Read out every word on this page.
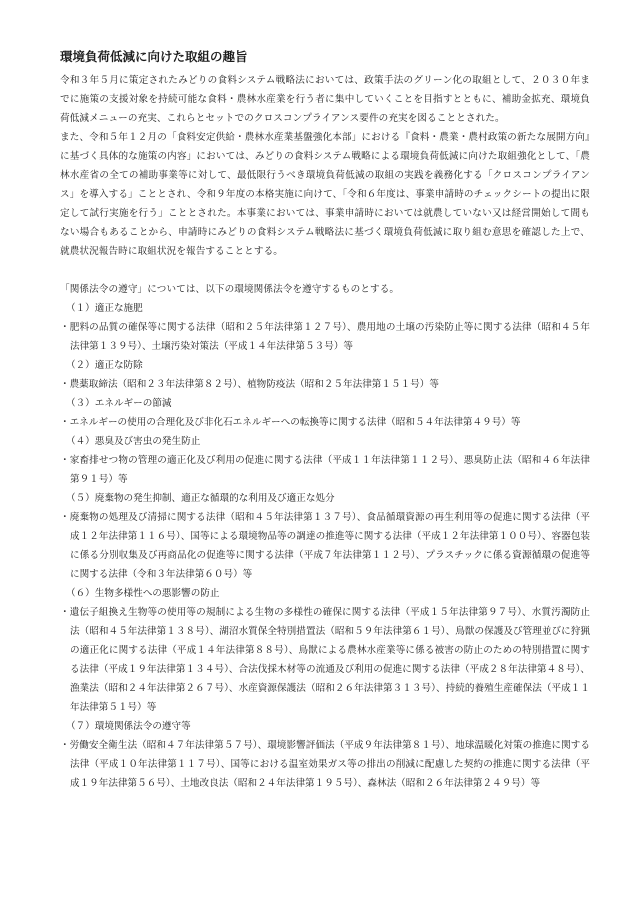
環境負荷低減に向けた取組の趣旨

令和３年５月に策定されたみどりの食料システム戦略法においては、政策手法のグリーン化の取組として、２０３０年までに施策の支援対象を持続可能な食料・農林水産業を行う者に集中していくことを目指すとともに、補助金拡充、環境負荷低減メニューの充実、これらとセットでのクロスコンプライアンス要件の充実を図ることとされた。

また、令和５年１２月の「食料安定供給・農林水産業基盤強化本部」における『食料・農業・農村政策の新たな展開方向』に基づく具体的な施策の内容」においては、みどりの食料システム戦略による環境負荷低減に向けた取組強化として、「農林水産省の全ての補助事業等に対して、最低限行うべき環境負荷低減の取組の実践を義務化する「クロスコンプライアンス」を導入する」こととされ、令和９年度の本格実施に向けて、「令和６年度は、事業申請時のチェックシートの提出に限定して試行実施を行う」こととされた。本事業においては、事業申請時においては就農していない又は経営開始して間もない場合もあることから、申請時にみどりの食料システム戦略法に基づく環境負荷低減に取り組む意思を確認した上で、就農状況報告時に取組状況を報告することとする。

「関係法令の遵守」については、以下の環境関係法令を遵守するものとする。

（１）適正な施肥
・肥料の品質の確保等に関する法律（昭和２５年法律第１２７号）、農用地の土壌の汚染防止等に関する法律（昭和４５年法律第１３９号）、土壌汚染対策法（平成１４年法律第５３号）等
（２）適正な防除
・農薬取締法（昭和２３年法律第８２号）、植物防疫法（昭和２５年法律第１５１号）等
（３）エネルギーの節減
・エネルギーの使用の合理化及び非化石エネルギーへの転換等に関する法律（昭和５４年法律第４９号）等
（４）悪臭及び害虫の発生防止
・家畜排せつ物の管理の適正化及び利用の促進に関する法律（平成１１年法律第１１２号）、悪臭防止法（昭和４６年法律第９１号）等
（５）廃棄物の発生抑制、適正な循環的な利用及び適正な処分
・廃棄物の処理及び清掃に関する法律（昭和４５年法律第１３７号）、食品循環資源の再生利用等の促進に関する法律（平成１２年法律第１１６号）、国等による環境物品等の調達の推進等に関する法律（平成１２年法律第１００号）、容器包装に係る分別収集及び再商品化の促進等に関する法律（平成７年法律第１１２号）、プラスチックに係る資源循環の促進等に関する法律（令和３年法律第６０号）等
（６）生物多様性への悪影響の防止
・遺伝子組換え生物等の使用等の規制による生物の多様性の確保に関する法律（平成１５年法律第９７号）、水質汚濁防止法（昭和４５年法律第１３８号）、湖沼水質保全特別措置法（昭和５９年法律第６１号）、鳥獣の保護及び管理並びに狩猟の適正化に関する法律（平成１４年法律第８８号）、鳥獣による農林水産業等に係る被害の防止のための特別措置に関する法律（平成１９年法律第１３４号）、合法伐採木材等の流通及び利用の促進に関する法律（平成２８年法律第４８号）、漁業法（昭和２４年法律第２６７号）、水産資源保護法（昭和２６年法律第３１３号）、持続的養殖生産確保法（平成１１年法律第５１号）等
（７）環境関係法令の遵守等
・労働安全衛生法（昭和４７年法律第５７号）、環境影響評価法（平成９年法律第８１号）、地球温暖化対策の推進に関する法律（平成１０年法律第１１７号）、国等における温室効果ガス等の排出の削減に配慮した契約の推進に関する法律（平成１９年法律第５６号）、土地改良法（昭和２４年法律第１９５号）、森林法（昭和２６年法律第２４９号）等
